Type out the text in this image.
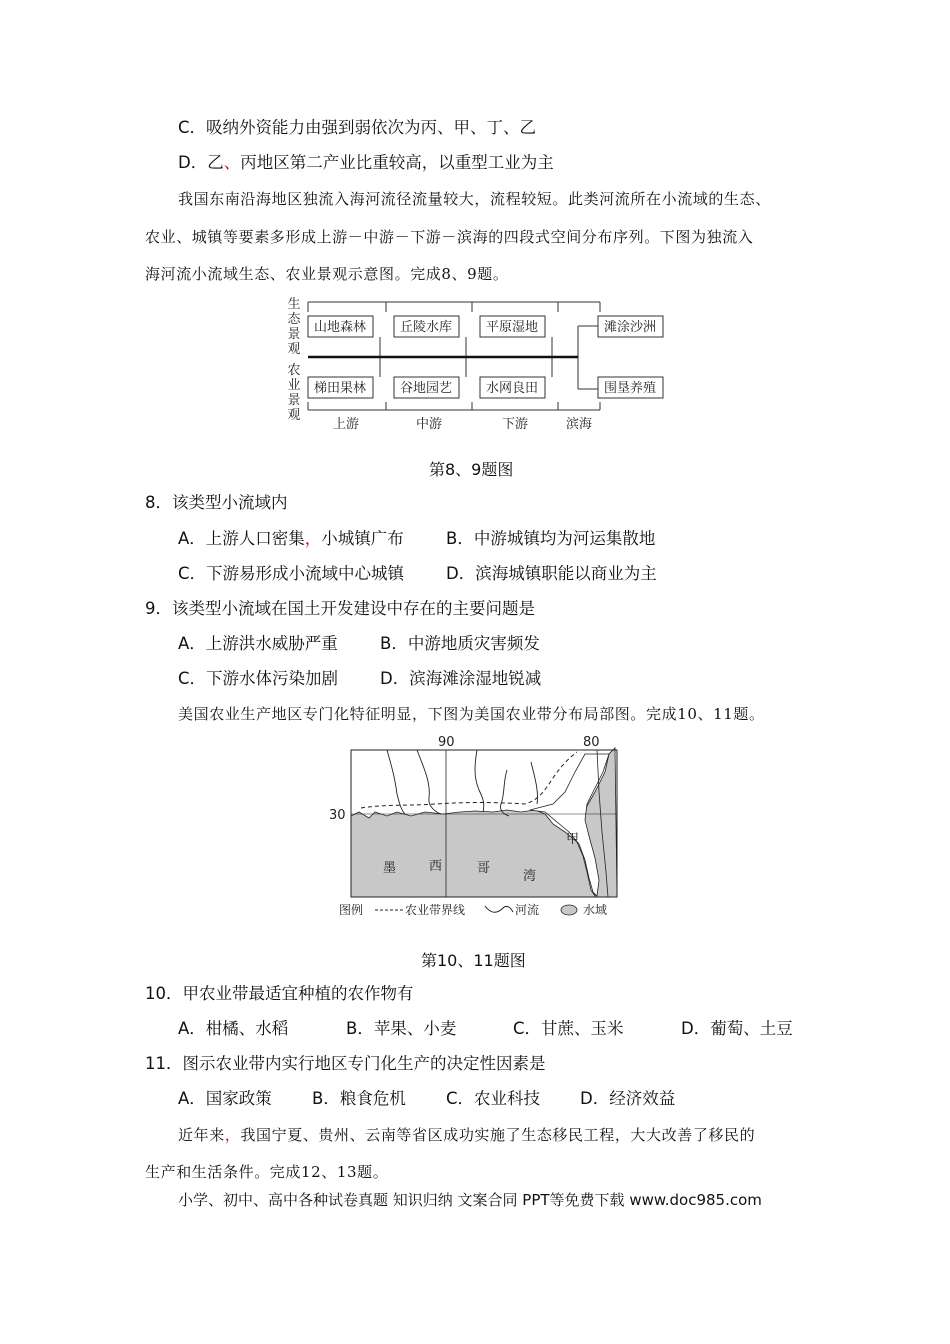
C．吸纳外资能力由强到弱依次为丙、甲、丁、乙
D．乙、丙地区第二产业比重较高，以重型工业为主
我国东南沿海地区独流入海河流径流量较大，流程较短。此类河流所在小流域的生态、
农业、城镇等要素多形成上游－中游－下游－滨海的四段式空间分布序列。下图为独流入
海河流小流域生态、农业景观示意图。完成8、9题。
生
态
景
观
农
业
景
观
山地森林	丘陵水库	平原湿地	滩涂沙洲
梯田果林	谷地园艺	水网良田	围垦养殖
上游	中游	下游	滨海
第8、9题图
8．该类型小流域内
A．上游人口密集，小城镇广布	B．中游城镇均为河运集散地
C．下游易形成小流域中心城镇	D．滨海城镇职能以商业为主
9．该类型小流域在国土开发建设中存在的主要问题是
A．上游洪水威胁严重	B．中游地质灾害频发
C．下游水体污染加剧	D．滨海滩涂湿地锐减
美国农业生产地区专门化特征明显，下图为美国农业带分布局部图。完成10、11题。
90	80
30
墨	西	哥
湾
甲
图例	农业带界线	河流	水域
第10、11题图
10．甲农业带最适宜种植的农作物有
A．柑橘、水稻	B．苹果、小麦	C．甘蔗、玉米	D．葡萄、土豆
11．图示农业带内实行地区专门化生产的决定性因素是
A．国家政策 B．粮食危机 C．农业科技 D．经济效益
近年来，我国宁夏、贵州、云南等省区成功实施了生态移民工程，大大改善了移民的
生产和生活条件。完成12、13题。
小学、初中、高中各种试卷真题 知识归纳 文案合同 PPT等免费下载 www.doc985.com
